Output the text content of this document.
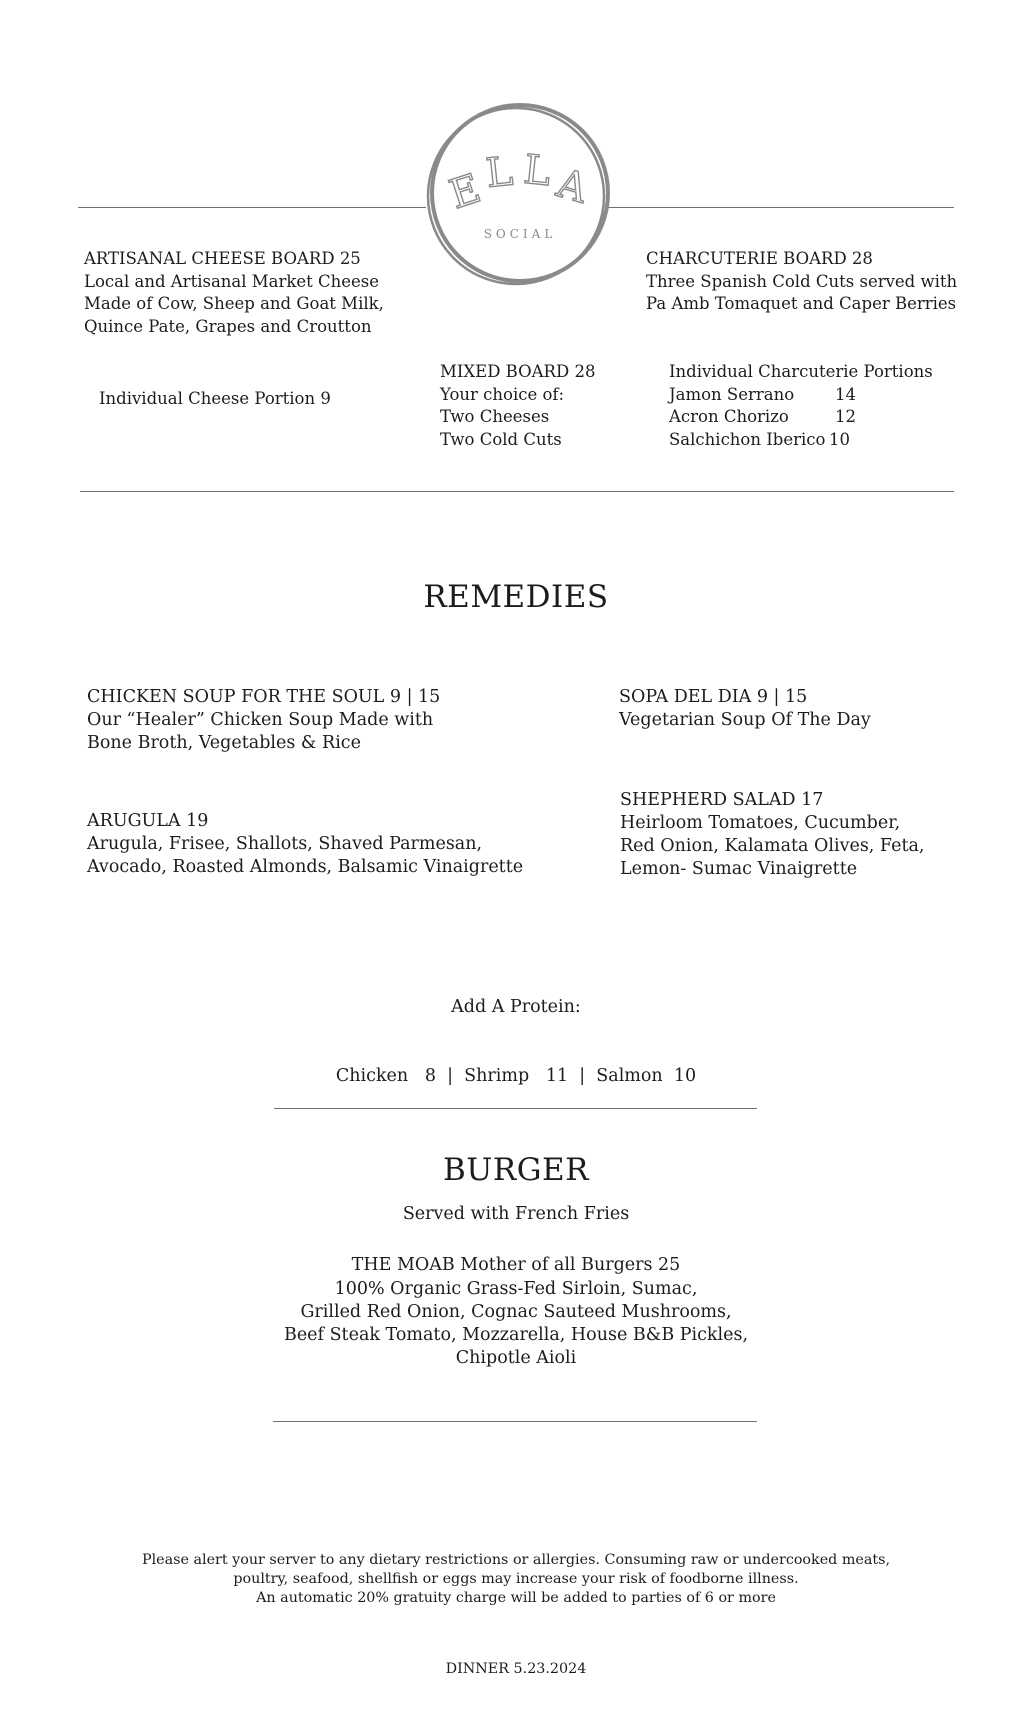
E
L L A
SOCIAL
ARTISANAL CHEESE BOARD 25
Local and Artisanal Market Cheese
Made of Cow, Sheep and Goat Milk,
Quince Pate, Grapes and Croutton
Individual Cheese Portion 9
CHARCUTERIE BOARD 28
Three Spanish Cold Cuts served with
Pa Amb Tomaquet and Caper Berries
MIXED BOARD 28
Your choice of:
Two Cheeses
Two Cold Cuts
Individual Charcuterie Portions
Jamon Serrano	14
Acron Chorizo	12
Salchichon Iberico 10
REMEDIES
CHICKEN SOUP FOR THE SOUL 9 | 15
Our “Healer” Chicken Soup Made with
Bone Broth, Vegetables & Rice
SOPA DEL DIA 9 | 15
Vegetarian Soup Of The Day
ARUGULA 19
Arugula, Frisee, Shallots, Shaved Parmesan,
Avocado, Roasted Almonds, Balsamic Vinaigrette
SHEPHERD SALAD 17
Heirloom Tomatoes, Cucumber,
Red Onion, Kalamata Olives, Feta,
Lemon- Sumac Vinaigrette

Add A Protein:

Chicken   8  |  Shrimp   11  |  Salmon  10

BURGER
Served with French Fries
THE MOAB Mother of all Burgers 25
100% Organic Grass-Fed Sirloin, Sumac,
Grilled Red Onion, Cognac Sauteed Mushrooms,
Beef Steak Tomato, Mozzarella, House B&B Pickles,
Chipotle Aioli
Please alert your server to any dietary restrictions or allergies. Consuming raw or undercooked meats,
poultry, seafood, shellfish or eggs may increase your risk of foodborne illness.
An automatic 20% gratuity charge will be added to parties of 6 or more
DINNER 5.23.2024
